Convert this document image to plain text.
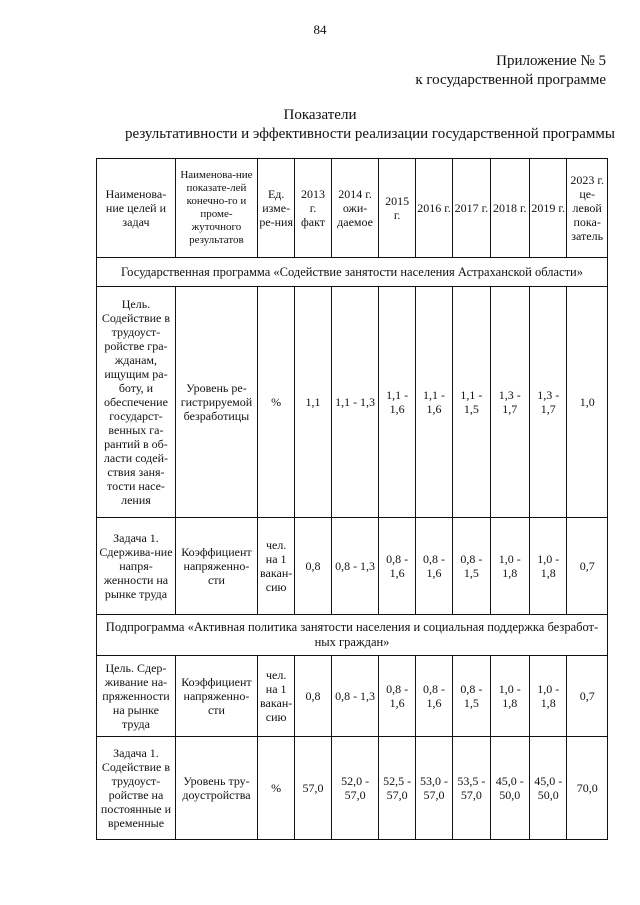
84
Приложение № 5
к государственной программе
Показатели
результативности и эффективности реализации государственной программы
Наименова-ние целей и задач	Наименова-ние показате-лей конечно-го и проме-жуточного результатов	Ед. изме-ре-ния	2013 г. факт	2014 г. ожи-даемое	2015 г.	2016 г.	2017 г.	2018 г.	2019 г.	2023 г. це-левой пока-затель
Государственная программа «Содействие занятости населения Астраханской области»										
Цель. Содействие в трудоуст-ройстве гра-жданам, ищущим ра-боту, и обеспечение государст-венных га-рантий в об-ласти содей-ствия заня-тости насе-ления	Уровень ре-гистрируемой безработицы	%	1,1	1,1 - 1,3	1,1 - 1,6	1,1 - 1,6	1,1 - 1,5	1,3 - 1,7	1,3 - 1,7	1,0
Задача 1. Сдержива-ние напря-женности на рынке труда	Коэффициент напряженно-сти	чел. на 1 вакан-сию	0,8	0,8 - 1,3	0,8 - 1,6	0,8 - 1,6	0,8 - 1,5	1,0 - 1,8	1,0 - 1,8	0,7
Подпрограмма «Активная политика занятости населения и социальная поддержка безработ-ных граждан»										
Цель. Сдер-живание на-пряженности на рынке труда	Коэффициент напряженно-сти	чел. на 1 вакан-сию	0,8	0,8 - 1,3	0,8 - 1,6	0,8 - 1,6	0,8 - 1,5	1,0 - 1,8	1,0 - 1,8	0,7
Задача 1. Содействие в трудоуст-ройстве на постоянные и временные	Уровень тру-доустройства	%	57,0	52,0 - 57,0	52,5 - 57,0	53,0 - 57,0	53,5 - 57,0	45,0 - 50,0	45,0 - 50,0	70,0
